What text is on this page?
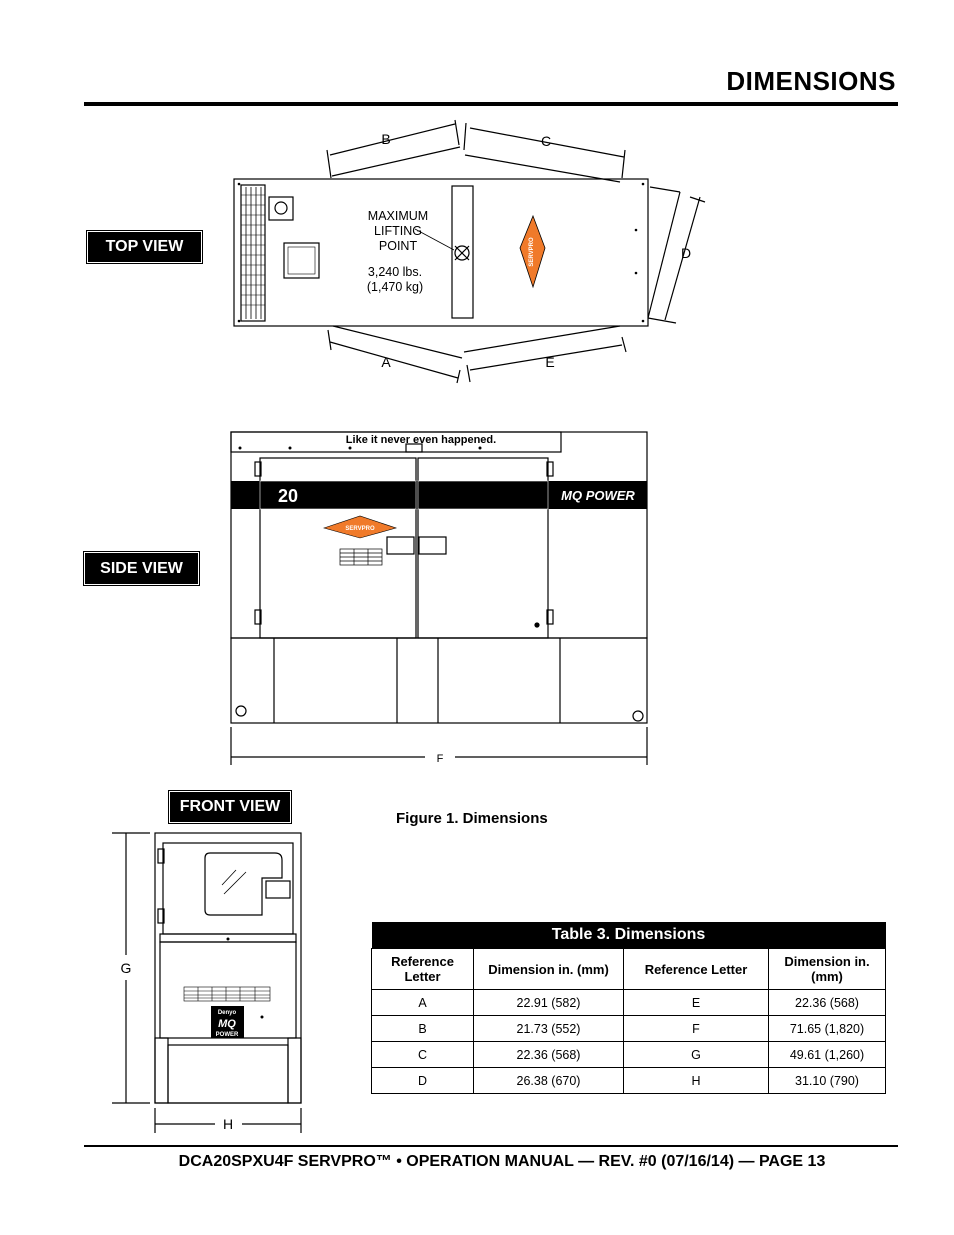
DIMENSIONS
TOP VIEW
SIDE VIEW
FRONT VIEW
SERVPRO
MAXIMUM
LIFTING
POINT
3,240 lbs.
(1,470 kg)
B	C
D
A	E
20	MQ POWER
Like it never even happened.
SERVPRO
F
Denyo
MQ
POWER
G
H
Figure 1. Dimensions
Table 3. Dimensions			
Reference Letter	Dimension in. (mm)	Reference Letter	Dimension in. (mm)
A	22.91 (582)	E	22.36 (568)
B	21.73 (552)	F	71.65 (1,820)
C	22.36 (568)	G	49.61 (1,260)
D	26.38 (670)	H	31.10 (790)
DCA20SPXU4F SERVPRO™ • OPERATION MANUAL — REV. #0 (07/16/14) — PAGE 13
